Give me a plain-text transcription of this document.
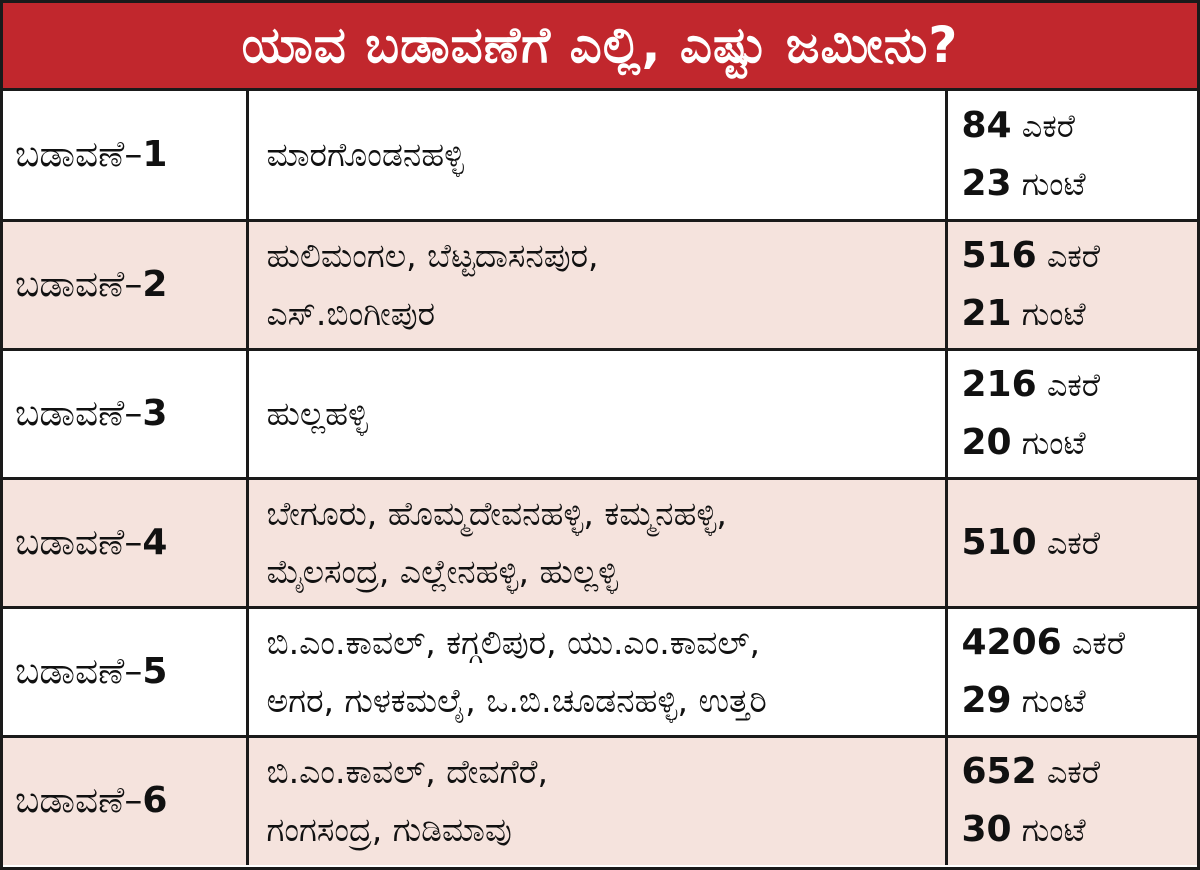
ಯಾವ ಬಡಾವಣೆಗೆ ಎಲ್ಲಿ, ಎಷ್ಟು ಜಮೀನು?
ಬಡಾವಣೆ–1	ಮಾರಗೊಂಡನಹಳ್ಳಿ	84 ಎಕರೆ
23 ಗುಂಟೆ

ಬಡಾವಣೆ–2	ಹುಲಿಮಂಗಲ, ಬೆಟ್ಟದಾಸನಪುರ,
ಎಸ್‌.ಬಿಂಗೀಪುರ	516 ಎಕರೆ
21 ಗುಂಟೆ

ಬಡಾವಣೆ–3	ಹುಲ್ಲಹಳ್ಳಿ	216 ಎಕರೆ
20 ಗುಂಟೆ

ಬಡಾವಣೆ–4	ಬೇಗೂರು, ಹೊಮ್ಮದೇವನಹಳ್ಳಿ, ಕಮ್ಮನಹಳ್ಳಿ,
ಮೈಲಸಂದ್ರ, ಎಲ್ಲೇನಹಳ್ಳಿ, ಹುಲ್ಲಳ್ಳಿ	510 ಎಕರೆ

ಬಡಾವಣೆ–5	ಬಿ.ಎಂ.ಕಾವಲ್‌, ಕಗ್ಗಲಿಪುರ, ಯು.ಎಂ.ಕಾವಲ್‌,
ಅಗರ, ಗುಳಕಮಲೈ, ಒ.ಬಿ.ಚೂಡನಹಳ್ಳಿ, ಉತ್ತರಿ	4206 ಎಕರೆ
29 ಗುಂಟೆ

ಬಡಾವಣೆ–6	ಬಿ.ಎಂ.ಕಾವಲ್‌, ದೇವಗೆರೆ,
ಗಂಗಸಂದ್ರ, ಗುಡಿಮಾವು	652 ಎಕರೆ
30 ಗುಂಟೆ
